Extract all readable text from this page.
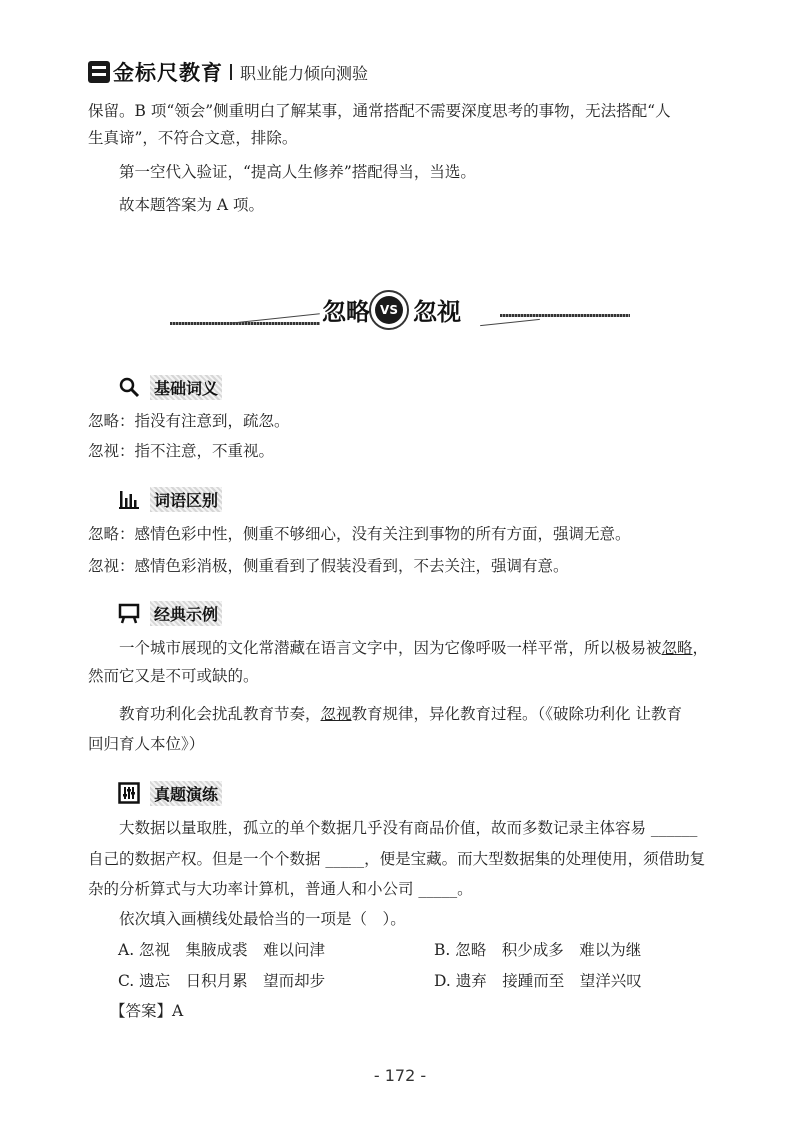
金标尺教育 职业能力倾向测验

保留。B 项“领会”侧重明白了解某事，通常搭配不需要深度思考的事物，无法搭配“人

生真谛”，不符合文意，排除。

第一空代入验证，“提高人生修养”搭配得当，当选。

故本题答案为 A 项。

忽略 VS 忽视
基础词义

忽略：指没有注意到，疏忽。

忽视：指不注意，不重视。

词语区别

忽略：感情色彩中性，侧重不够细心，没有关注到事物的所有方面，强调无意。

忽视：感情色彩消极，侧重看到了假装没看到，不去关注，强调有意。

经典示例

一个城市展现的文化常潜藏在语言文字中，因为它像呼吸一样平常，所以极易被忽略，

然而它又是不可或缺的。

教育功利化会扰乱教育节奏，忽视教育规律，异化教育过程。（《破除功利化 让教育

回归育人本位》）

真题演练

大数据以量取胜，孤立的单个数据几乎没有商品价值，故而多数记录主体容易 ______

自己的数据产权。但是一个个数据 _____，便是宝藏。而大型数据集的处理使用，须借助复

杂的分析算式与大功率计算机，普通人和小公司 _____。

依次填入画横线处最恰当的一项是（　）。

A. 忽视　集腋成裘　难以问津	B. 忽略　积少成多　难以为继
C. 遗忘　日积月累　望而却步	D. 遗弃　接踵而至　望洋兴叹

【答案】A

- 172 -
